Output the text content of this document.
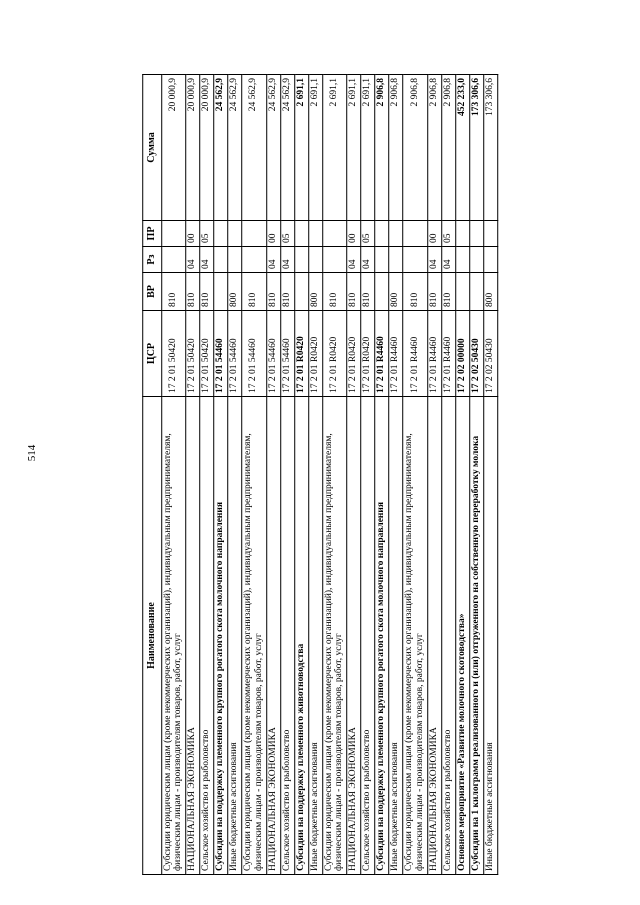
514
Наименование	ЦСР	ВР	Рз	ПР	Сумма
Субсидии юридическим лицам (кроме некоммерческих организаций), индивидуальным предпринимателям, физическим лицам - производителям товаров, работ, услуг	17 2 01 50420	810			20 000,9
НАЦИОНАЛЬНАЯ ЭКОНОМИКА	17 2 01 50420	810	04	00	20 000,9
Сельское хозяйство и рыболовство	17 2 01 50420	810	04	05	20 000,9
Субсидии на поддержку племенного крупного рогатого скота молочного направления	17 2 01 54460				24 562,9
Иные бюджетные ассигнования	17 2 01 54460	800			24 562,9
Субсидии юридическим лицам (кроме некоммерческих организаций), индивидуальным предпринимателям, физическим лицам - производителям товаров, работ, услуг	17 2 01 54460	810			24 562,9
НАЦИОНАЛЬНАЯ ЭКОНОМИКА	17 2 01 54460	810	04	00	24 562,9
Сельское хозяйство и рыболовство	17 2 01 54460	810	04	05	24 562,9
Субсидии на поддержку племенного животноводства	17 2 01 R0420				2 691,1
Иные бюджетные ассигнования	17 2 01 R0420	800			2 691,1
Субсидии юридическим лицам (кроме некоммерческих организаций), индивидуальным предпринимателям, физическим лицам - производителям товаров, работ, услуг	17 2 01 R0420	810			2 691,1
НАЦИОНАЛЬНАЯ ЭКОНОМИКА	17 2 01 R0420	810	04	00	2 691,1
Сельское хозяйство и рыболовство	17 2 01 R0420	810	04	05	2 691,1
Субсидии на поддержку племенного крупного рогатого скота молочного направления	17 2 01 R4460				2 906,8
Иные бюджетные ассигнования	17 2 01 R4460	800			2 906,8
Субсидии юридическим лицам (кроме некоммерческих организаций), индивидуальным предпринимателям, физическим лицам - производителям товаров, работ, услуг	17 2 01 R4460	810			2 906,8
НАЦИОНАЛЬНАЯ ЭКОНОМИКА	17 2 01 R4460	810	04	00	2 906,8
Сельское хозяйство и рыболовство	17 2 01 R4460	810	04	05	2 906,8
Основное мероприятие «Развитие молочного скотоводства»	17 2 02 00000				452 233,0
Субсидии на 1 килограмм реализованного и (или) отгруженного на собственную переработку молока	17 2 02 50430				173 306,6
Иные бюджетные ассигнования	17 2 02 50430	800			173 306,6
